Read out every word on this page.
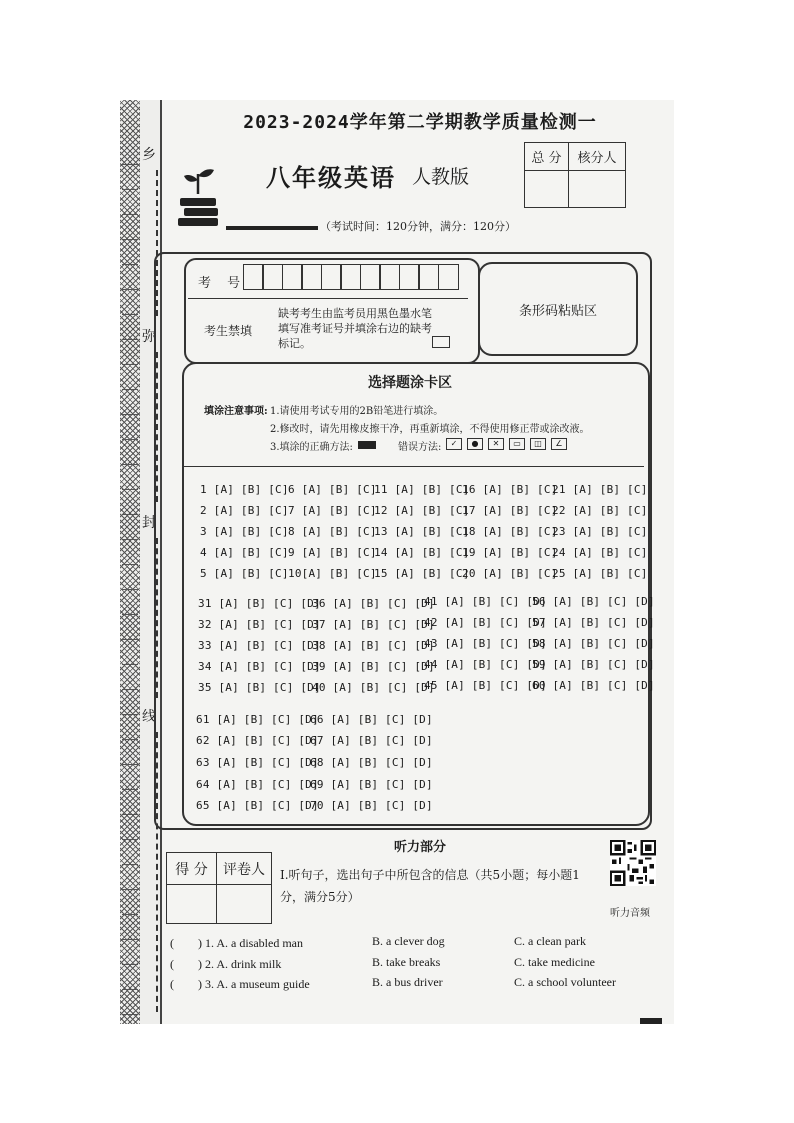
乡
弥
封
线
2023-2024学年第二学期教学质量检测一
总 分	核分人
八年级英语 人教版
（考试时间：120分钟，满分：120分）
考 号
考生禁填
缺考考生由监考员用黑色墨水笔填写准考证号并填涂右边的缺考标记。
条形码粘贴区
选择题涂卡区
填涂注意事项: 1.请使用考试专用的2B铅笔进行填涂。
2.修改时，请先用橡皮擦干净，再重新填涂，不得使用修正带或涂改液。
3.填涂的正确方法:	错误方法:	✓	●	✕	▭	◫	∠
1 [A] [B] [C]
2 [A] [B] [C]
3 [A] [B] [C]
4 [A] [B] [C]
5 [A] [B] [C]
6 [A] [B] [C]
7 [A] [B] [C]
8 [A] [B] [C]
9 [A] [B] [C]
10[A] [B] [C]
11 [A] [B] [C]
12 [A] [B] [C]
13 [A] [B] [C]
14 [A] [B] [C]
15 [A] [B] [C]
16 [A] [B] [C]
17 [A] [B] [C]
18 [A] [B] [C]
19 [A] [B] [C]
20 [A] [B] [C]
21 [A] [B] [C]
22 [A] [B] [C]
23 [A] [B] [C]
24 [A] [B] [C]
25 [A] [B] [C]
31 [A] [B] [C] [D]
32 [A] [B] [C] [D]
33 [A] [B] [C] [D]
34 [A] [B] [C] [D]
35 [A] [B] [C] [D]
36 [A] [B] [C] [D]
37 [A] [B] [C] [D]
38 [A] [B] [C] [D]
39 [A] [B] [C] [D]
40 [A] [B] [C] [D]
41 [A] [B] [C] [D]
42 [A] [B] [C] [D]
43 [A] [B] [C] [D]
44 [A] [B] [C] [D]
45 [A] [B] [C] [D]
56 [A] [B] [C] [D]
57 [A] [B] [C] [D]
58 [A] [B] [C] [D]
59 [A] [B] [C] [D]
60 [A] [B] [C] [D]
61 [A] [B] [C] [D]
62 [A] [B] [C] [D]
63 [A] [B] [C] [D]
64 [A] [B] [C] [D]
65 [A] [B] [C] [D]
66 [A] [B] [C] [D]
67 [A] [B] [C] [D]
68 [A] [B] [C] [D]
69 [A] [B] [C] [D]
70 [A] [B] [C] [D]
听力部分
得 分	评卷人	Ⅰ.听句子，选出句子中所包含的信息（共5小题；每小题1分，满分5分）
听力音频
(　　) 1. A. a disabled man	B. a clever dog	C. a clean park
(　　) 2. A. drink milk	B. take breaks	C. take medicine
(　　) 3. A. a museum guide	B. a bus driver	C. a school volunteer
